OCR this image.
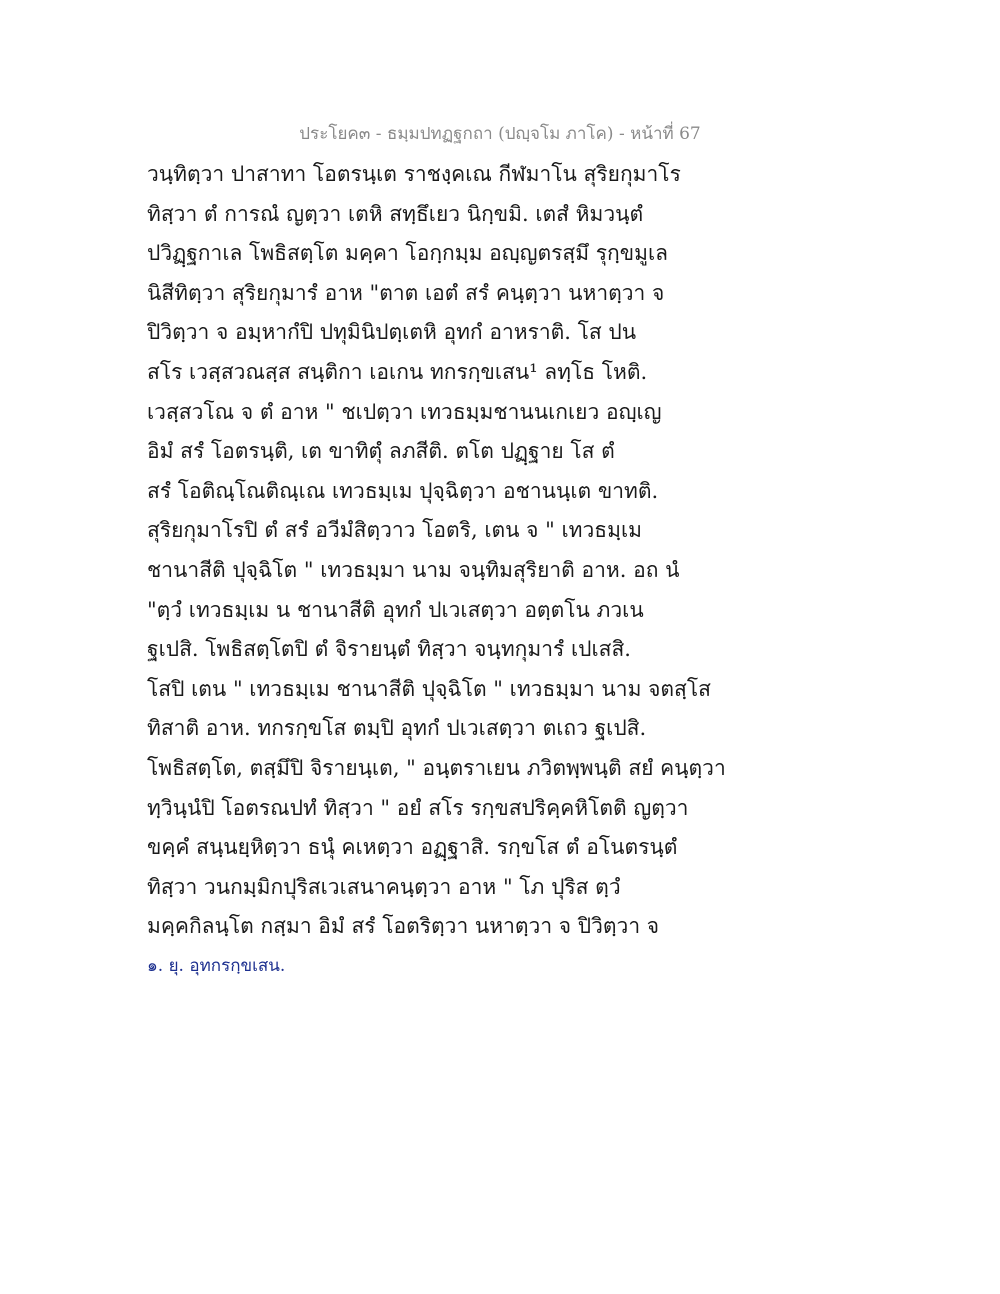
ประโยค๓ - ธมฺมปทฏฐกถา (ปญฺจโม ภาโค) - หน้าที่ 67
วนฺทิตฺวา ปาสาทา โอตรนฺเต ราชงฺคเณ กีฬมาโน สุริยกุมาโร
ทิสฺวา ตํ การณํ ญตฺวา เตหิ สทฺธึเยว นิกฺขมิ. เตสํ หิมวนฺตํ
ปวิฏฺฐกาเล โพธิสตฺโต มคฺคา โอกฺกมฺม อญฺญตรสฺมึ รุกฺขมูเล
นิสีทิตฺวา สุริยกุมารํ อาห "ตาต เอตํ สรํ คนฺตฺวา นหาตฺวา จ
ปิวิตฺวา จ อมฺหากํปิ ปทุมินิปตฺเตหิ อุทกํ อาหราติ. โส ปน
สโร เวสฺสวณสฺส สนฺติกา เอเกน ทกรกฺขเสน¹ ลทฺโธ โหติ.
เวสฺสวโณ จ ตํ อาห " ชเปตฺวา เทวธมฺมชานนเกเยว อญฺเญ
อิมํ สรํ โอตรนฺติ, เต ขาทิตุํ ลภสีติ. ตโต ปฏฺฐาย โส ตํ
สรํ โอติณฺโณติณฺเณ เทวธมฺเม ปุจฺฉิตฺวา อชานนฺเต ขาทติ.
สุริยกุมาโรปิ ตํ สรํ อวีมํสิตฺวาว โอตริ, เตน จ " เทวธมฺเม
ชานาสีติ ปุจฺฉิโต " เทวธมฺมา นาม จนฺทิมสุริยาติ อาห. อถ นํ
"ตฺวํ เทวธมฺเม น ชานาสีติ อุทกํ ปเวเสตฺวา อตฺตโน ภวเน
ฐเปสิ. โพธิสตฺโตปิ ตํ จิรายนฺตํ ทิสฺวา จนฺทกุมารํ เปเสสิ.
โสปิ เตน " เทวธมฺเม ชานาสีติ ปุจฺฉิโต " เทวธมฺมา นาม จตสฺโส
ทิสาติ อาห. ทกรกฺขโส ตมฺปิ อุทกํ ปเวเสตฺวา ตเถว ฐเปสิ.
โพธิสตฺโต, ตสฺมึปิ จิรายนฺเต, " อนฺตราเยน ภวิตพฺพนฺติ สยํ คนฺตฺวา
ทฺวินฺนํปิ โอตรณปทํ ทิสฺวา " อยํ สโร รกฺขสปริคฺคหิโตติ ญตฺวา
ขคฺคํ สนฺนยฺหิตฺวา ธนุํ คเหตฺวา อฏฺฐาสิ. รกฺขโส ตํ อโนตรนฺตํ
ทิสฺวา วนกมฺมิกปุริสเวเสนาคนฺตฺวา อาห " โภ ปุริส ตฺวํ
มคฺคกิลนฺโต กสฺมา อิมํ สรํ โอตริตฺวา นหาตฺวา จ ปิวิตฺวา จ
๑. ยุ. อุทกรกฺขเสน.
